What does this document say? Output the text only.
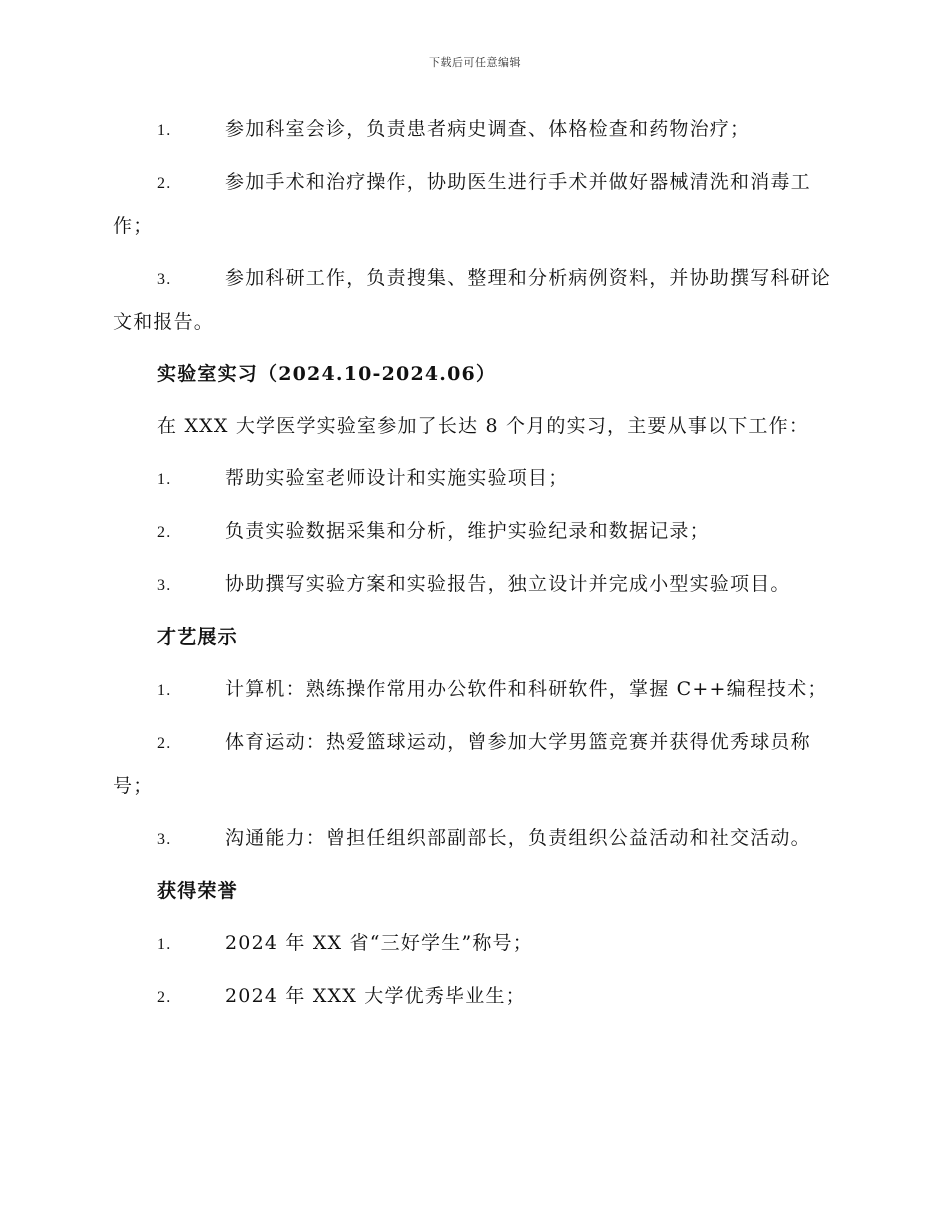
下载后可任意编辑

1.	参加科室会诊，负责患者病史调查、体格检查和药物治疗；

2.	参加手术和治疗操作，协助医生进行手术并做好器械清洗和消毒工作；

3.	参加科研工作，负责搜集、整理和分析病例资料，并协助撰写科研论文和报告。

实验室实习（2024.10-2024.06）

在 XXX 大学医学实验室参加了长达 8 个月的实习，主要从事以下工作：

1.	帮助实验室老师设计和实施实验项目；

2.	负责实验数据采集和分析，维护实验纪录和数据记录；

3.	协助撰写实验方案和实验报告，独立设计并完成小型实验项目。

才艺展示

1.	计算机：熟练操作常用办公软件和科研软件，掌握 C++编程技术；

2.	体育运动：热爱篮球运动，曾参加大学男篮竞赛并获得优秀球员称号；

3.	沟通能力：曾担任组织部副部长，负责组织公益活动和社交活动。

获得荣誉

1.	2024 年 XX 省“三好学生”称号；

2.	2024 年 XXX 大学优秀毕业生；
